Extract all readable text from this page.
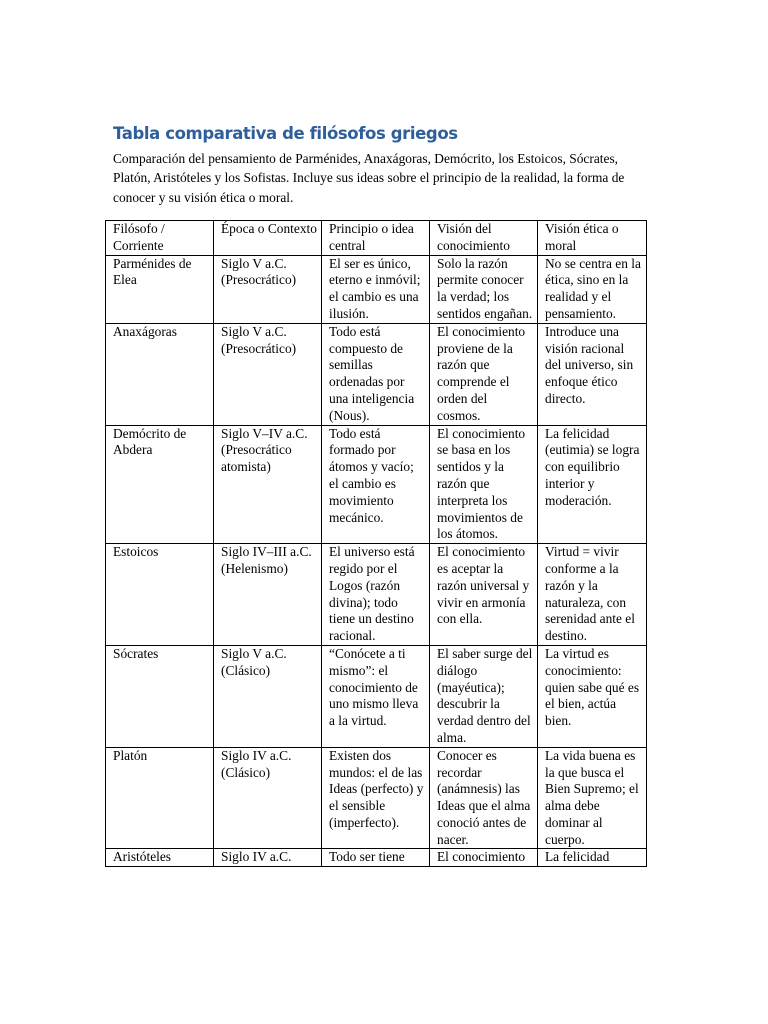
Tabla comparativa de filósofos griegos

Comparación del pensamiento de Parménides, Anaxágoras, Demócrito, los Estoicos, Sócrates, Platón, Aristóteles y los Sofistas. Incluye sus ideas sobre el principio de la realidad, la forma de conocer y su visión ética o moral.

Filósofo / Corriente	Época o Contexto	Principio o idea central	Visión del conocimiento	Visión ética o moral
Parménides de Elea	Siglo V a.C. (Presocrático)	El ser es único, eterno e inmóvil; el cambio es una ilusión.	Solo la razón permite conocer la verdad; los sentidos engañan.	No se centra en la ética, sino en la realidad y el pensamiento.
Anaxágoras	Siglo V a.C. (Presocrático)	Todo está compuesto de semillas ordenadas por una inteligencia (Nous).	El conocimiento proviene de la razón que comprende el orden del cosmos.	Introduce una visión racional del universo, sin enfoque ético directo.
Demócrito de Abdera	Siglo V–IV a.C. (Presocrático atomista)	Todo está formado por átomos y vacío; el cambio es movimiento mecánico.	El conocimiento se basa en los sentidos y la razón que interpreta los movimientos de los átomos.	La felicidad (eutimia) se logra con equilibrio interior y moderación.
Estoicos	Siglo IV–III a.C. (Helenismo)	El universo está regido por el Logos (razón divina); todo tiene un destino racional.	El conocimiento es aceptar la razón universal y vivir en armonía con ella.	Virtud = vivir conforme a la razón y la naturaleza, con serenidad ante el destino.
Sócrates	Siglo V a.C. (Clásico)	“Conócete a ti mismo”: el conocimiento de uno mismo lleva a la virtud.	El saber surge del diálogo (mayéutica); descubrir la verdad dentro del alma.	La virtud es conocimiento: quien sabe qué es el bien, actúa bien.
Platón	Siglo IV a.C. (Clásico)	Existen dos mundos: el de las Ideas (perfecto) y el sensible (imperfecto).	Conocer es recordar (anámnesis) las Ideas que el alma conoció antes de nacer.	La vida buena es la que busca el Bien Supremo; el alma debe dominar al cuerpo.
Aristóteles	Siglo IV a.C.	Todo ser tiene	El conocimiento	La felicidad
